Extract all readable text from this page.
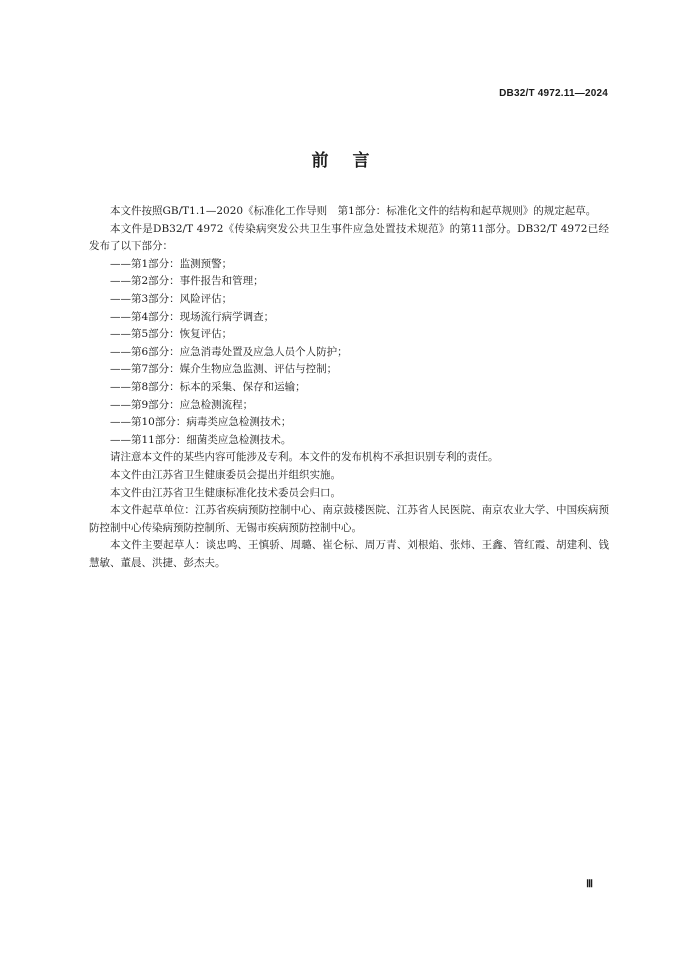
DB32/T 4972.11—2024
前 言

本文件按照GB/T1.1—2020《标准化工作导则　第1部分：标准化文件的结构和起草规则》的规定起草。

本文件是DB32/T 4972《传染病突发公共卫生事件应急处置技术规范》的第11部分。DB32/T 4972已经发布了以下部分：

——第1部分：监测预警；

——第2部分：事件报告和管理；

——第3部分：风险评估；

——第4部分：现场流行病学调查；

——第5部分：恢复评估；

——第6部分：应急消毒处置及应急人员个人防护；

——第7部分：媒介生物应急监测、评估与控制；

——第8部分：标本的采集、保存和运输；

——第9部分：应急检测流程；

——第10部分：病毒类应急检测技术；

——第11部分：细菌类应急检测技术。

请注意本文件的某些内容可能涉及专利。本文件的发布机构不承担识别专利的责任。

本文件由江苏省卫生健康委员会提出并组织实施。

本文件由江苏省卫生健康标准化技术委员会归口。

本文件起草单位：江苏省疾病预防控制中心、南京鼓楼医院、江苏省人民医院、南京农业大学、中国疾病预防控制中心传染病预防控制所、无锡市疾病预防控制中心。

本文件主要起草人：谈忠鸣、王慎骄、周璐、崔仑标、周万青、刘根焰、张炜、王鑫、管红霞、胡建利、钱慧敏、董晨、洪捷、彭杰夫。

Ⅲ
